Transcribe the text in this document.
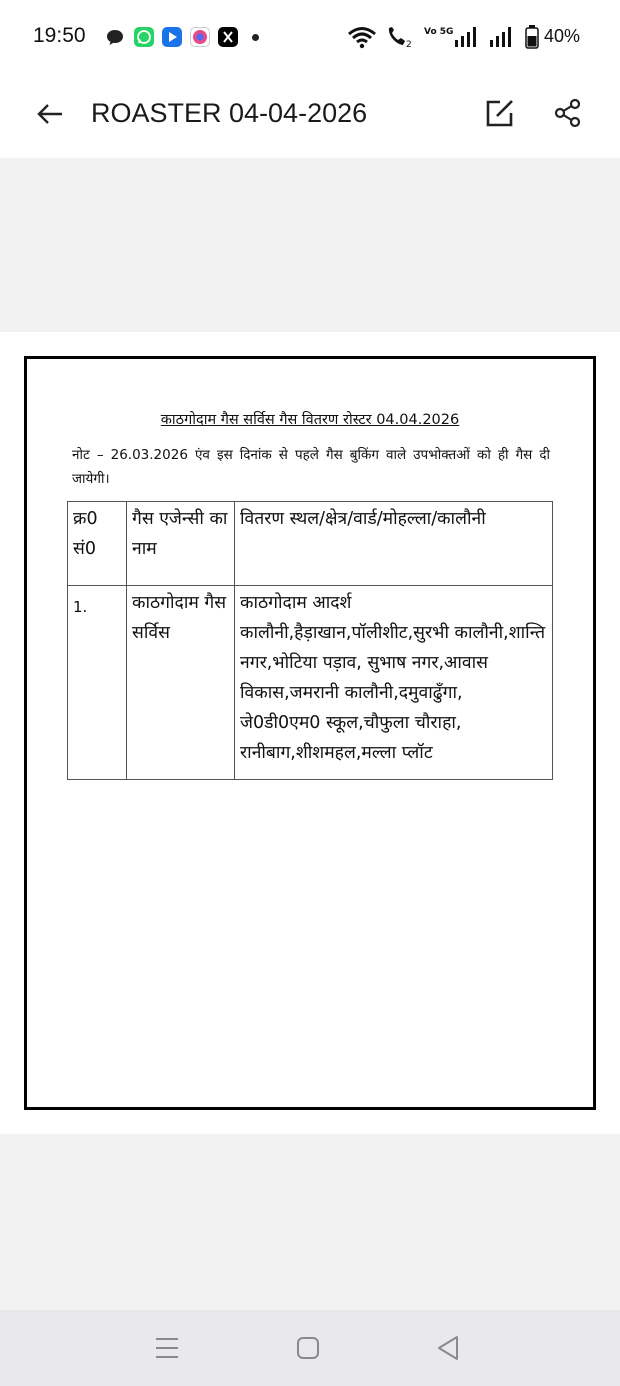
19:50	2
Vo 5G	40%
ROASTER 04-04-2026
काठगोदाम गैस सर्विस गैस वितरण रोस्टर 04.04.2026
नोट – 26.03.2026 एंव इस दिनांक से पहले गैस बुकिंग वाले उपभोक्तओं को ही गैस दी जायेगी।
क्र0 सं0	गैस एजेन्सी का नाम	वितरण स्थल/क्षेत्र/वार्ड/मोहल्ला/कालौनी
1.	काठगोदाम गैस सर्विस	काठगोदाम आदर्श कालौनी,हैड़ाखान,पॉलीशीट,सुरभी कालौनी,शान्ति नगर,भोटिया पड़ाव, सुभाष नगर,आवास विकास,जमरानी कालौनी,दमुवाढुँगा, जे0डी0एम0 स्कूल,चौफुला चौराहा, रानीबाग,शीशमहल,मल्ला प्लॉट
